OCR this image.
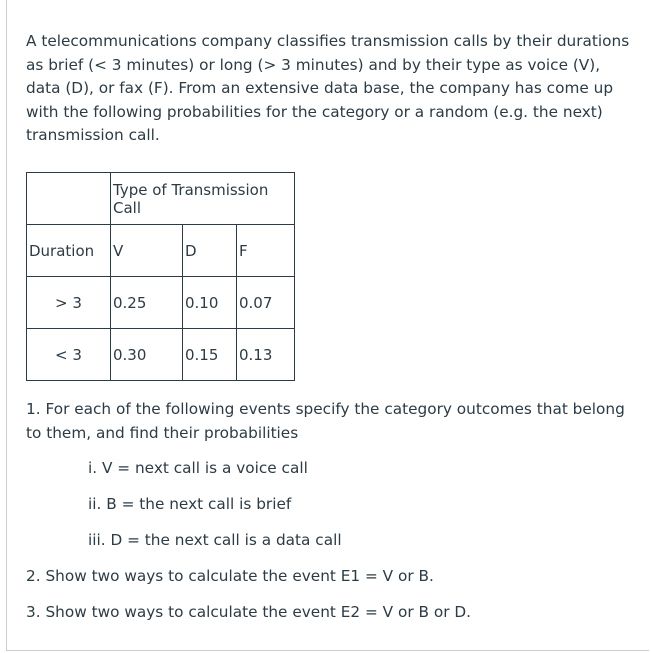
A telecommunications company classifies transmission calls by their durations as brief (< 3 minutes) or long (> 3 minutes) and by their type as voice (V), data (D), or fax (F). From an extensive data base, the company has come up with the following probabilities for the category or a random (e.g. the next) transmission call.

	Type of Transmission Call		
Duration	V	D	F
> 3	0.25	0.10	0.07
< 3	0.30	0.15	0.13

1. For each of the following events specify the category outcomes that belong to them, and find their probabilities

i. V = next call is a voice call

ii. B = the next call is brief

iii. D = the next call is a data call

2. Show two ways to calculate the event E1 = V or B.

3. Show two ways to calculate the event E2 = V or B or D.
